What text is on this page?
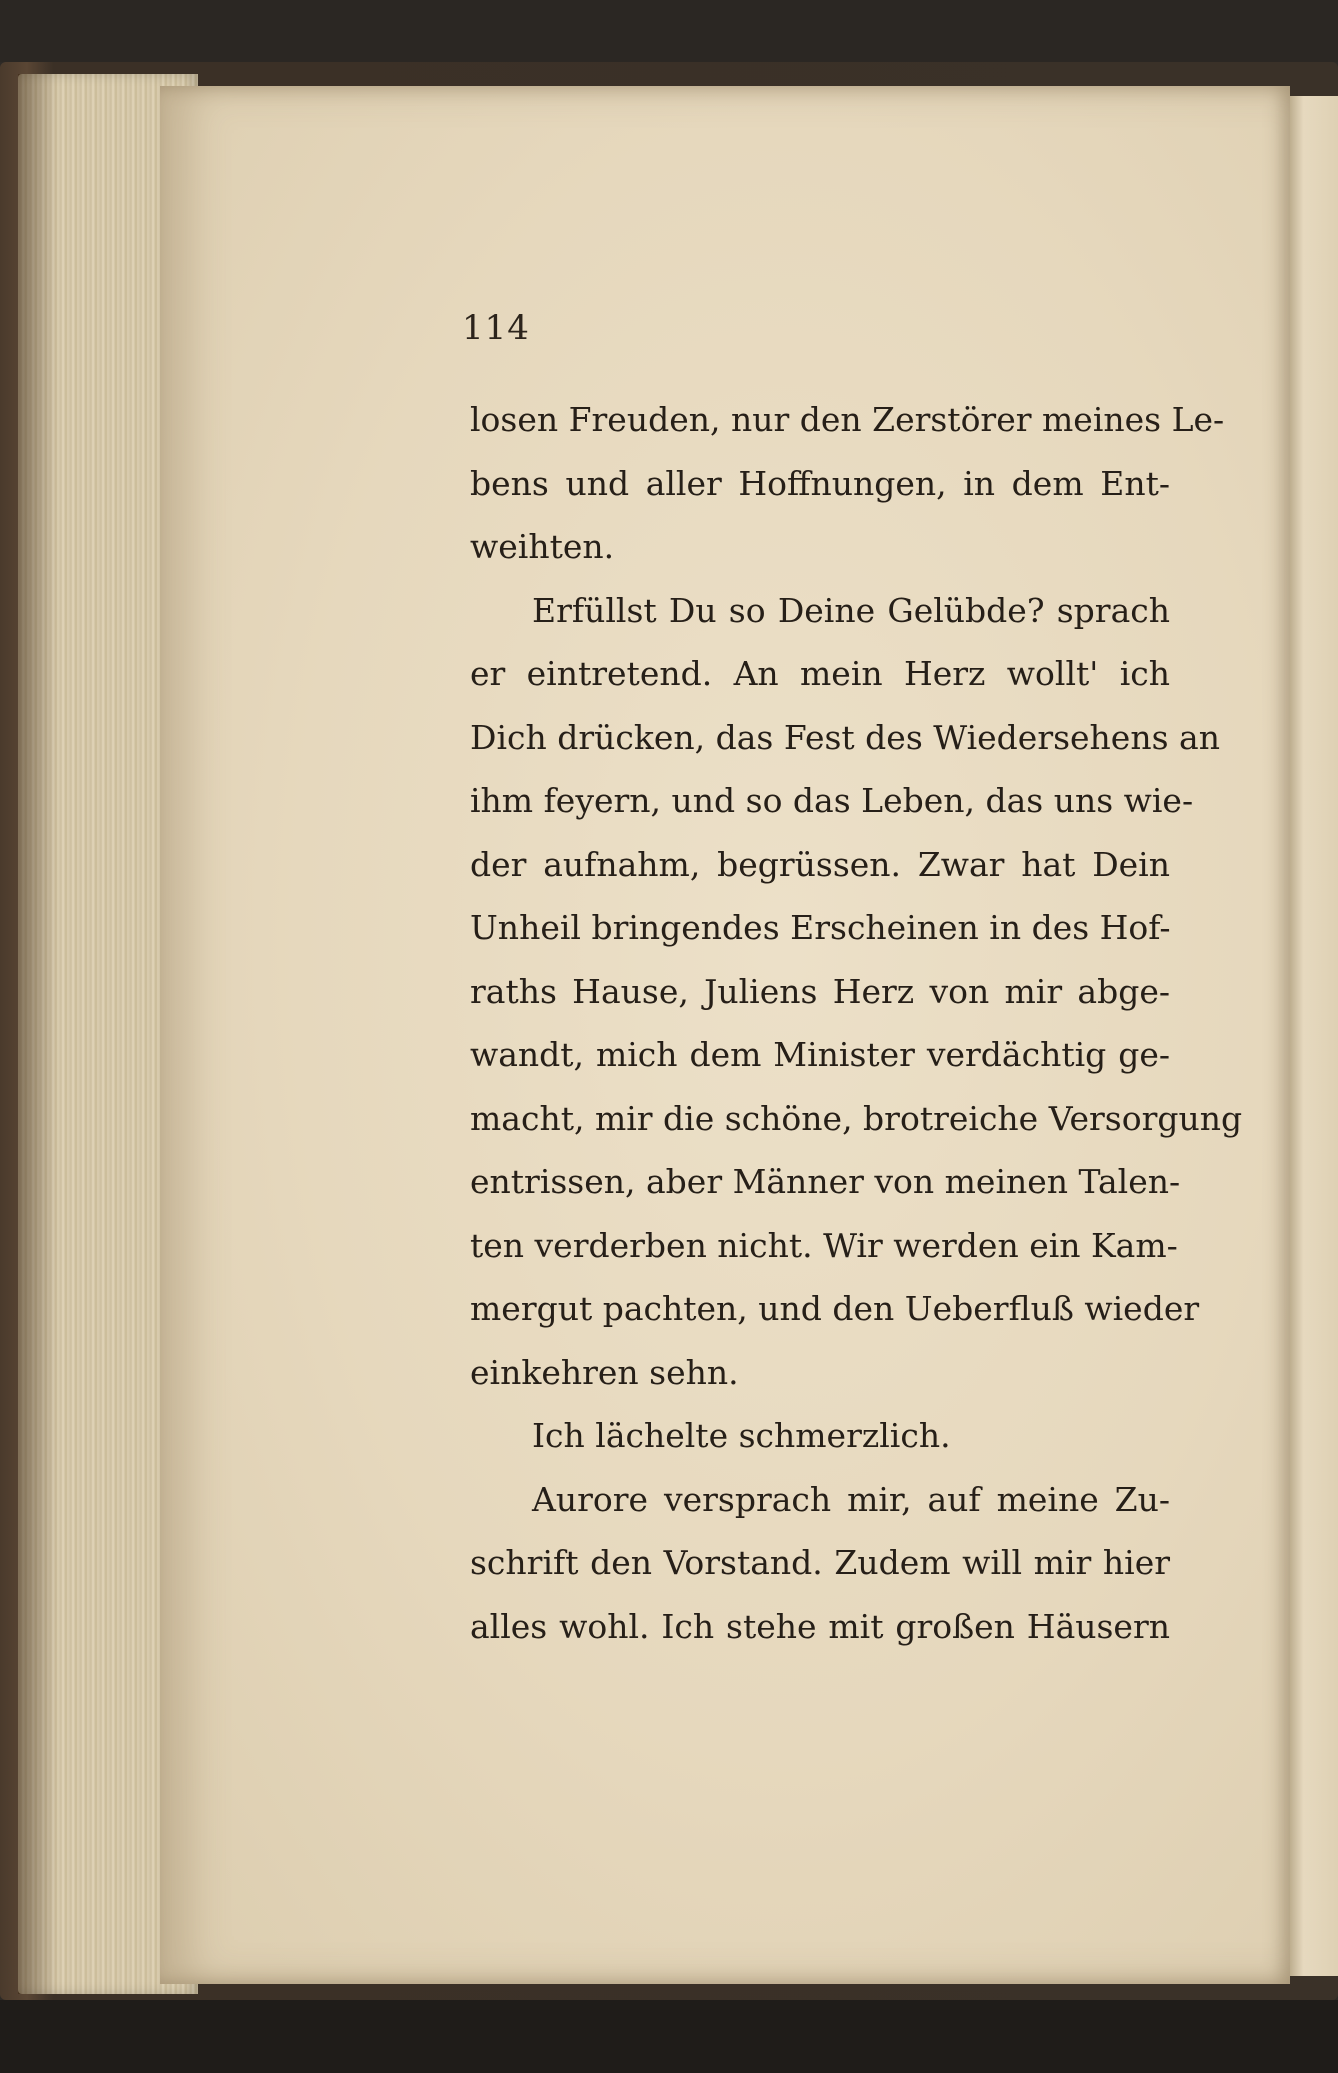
114
losen Freuden, nur den Zerstörer meines Le-
bens und aller Hoffnungen, in dem Ent-
weihten.
Erfüllst Du so Deine Gelübde? sprach
er eintretend. An mein Herz wollt' ich
Dich drücken, das Fest des Wiedersehens an
ihm feyern, und so das Leben, das uns wie-
der aufnahm, begrüssen. Zwar hat Dein
Unheil bringendes Erscheinen in des Hof-
raths Hause, Juliens Herz von mir abge-
wandt, mich dem Minister verdächtig ge-
macht, mir die schöne, brotreiche Versorgung
entrissen, aber Männer von meinen Talen-
ten verderben nicht. Wir werden ein Kam-
mergut pachten, und den Ueberfluß wieder
einkehren sehn.
Ich lächelte schmerzlich.
Aurore versprach mir, auf meine Zu-
schrift den Vorstand. Zudem will mir hier
alles wohl. Ich stehe mit großen Häusern
